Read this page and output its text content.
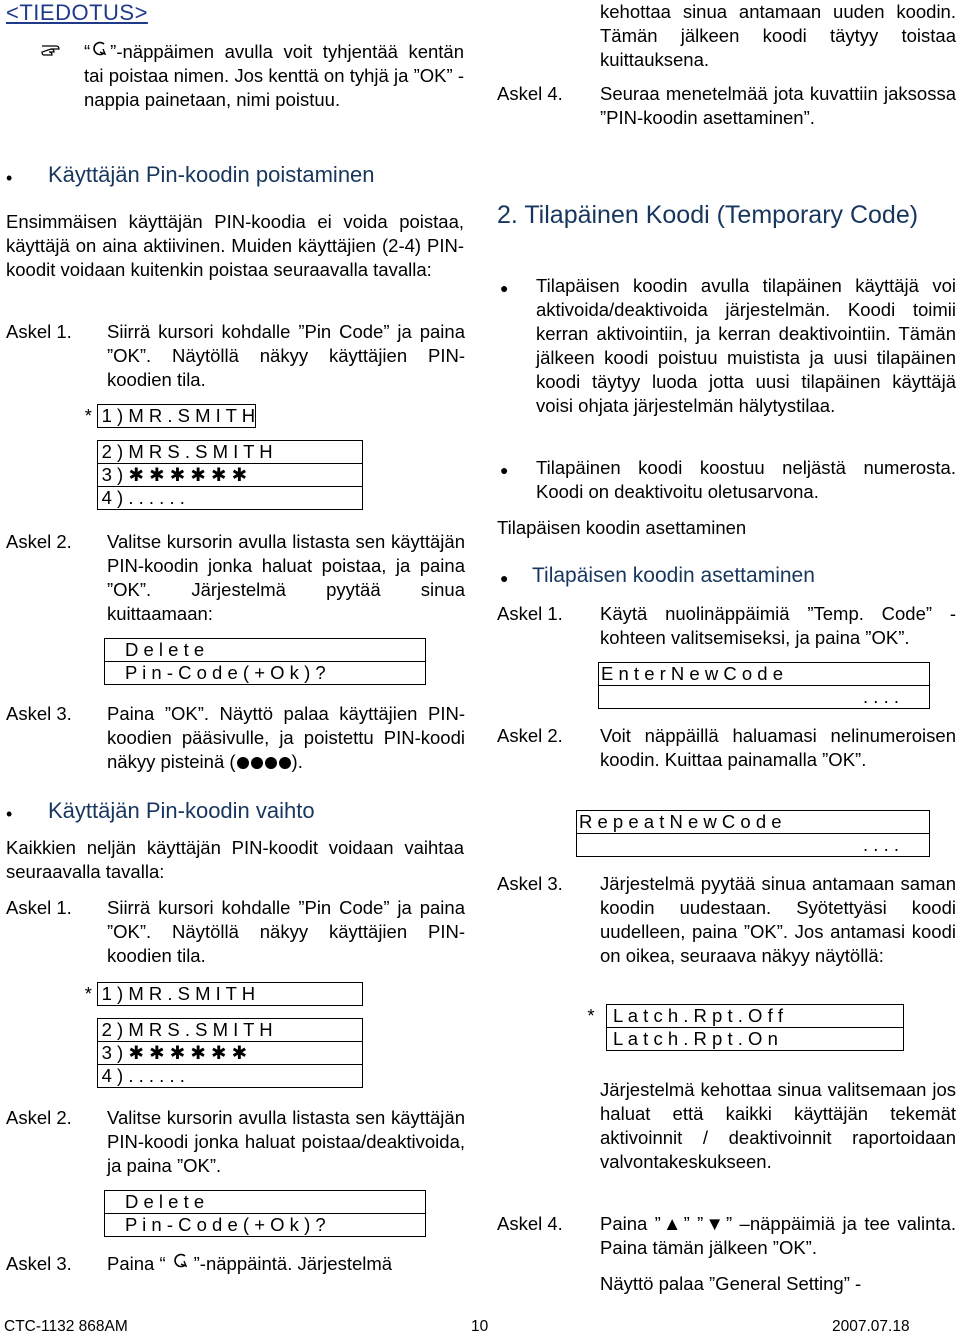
<TIEDOTUS>
“ ”-näppäimen avulla voit tyhjentää kentän tai poistaa nimen. Jos kenttä on tyhjä ja ”OK” -nappia painetaan, nimi poistuu.
• Käyttäjän Pin-koodin poistaminen
Ensimmäisen käyttäjän PIN-koodia ei voida poistaa, käyttäjä on aina aktiivinen. Muiden käyttäjien (2-4) PIN-koodit voidaan kuitenkin poistaa seuraavalla tavalla:
Askel 1. Siirrä kursori kohdalle ”Pin Code” ja paina ”OK”. Näytöllä näkyy käyttäjien PIN-koodien tila.
*	1 ) M R . S M I T H
	2 ) M R S . S M I T H
	3 ) ✱ ✱ ✱ ✱ ✱ ✱
	4 ) . . . . . .
Askel 2. Valitse kursorin avulla listasta sen käyttäjän PIN-koodin jonka haluat poistaa, ja paina ”OK”. Järjestelmä pyytää sinua kuittaamaan:
D e l e t e
P i n - C o d e ( + O k ) ?
Askel 3. Paina ”OK”. Näyttö palaa käyttäjien PIN-koodien pääsivulle, ja poistettu PIN-koodi näkyy pisteinä (	).
• Käyttäjän Pin-koodin vaihto
Kaikkien neljän käyttäjän PIN-koodit voidaan vaihtaa seuraavalla tavalla:
Askel 1. Siirrä kursori kohdalle ”Pin Code” ja paina ”OK”. Näytöllä näkyy käyttäjien PIN-koodien tila.
*	1 ) M R . S M I T H
	2 ) M R S . S M I T H
	3 ) ✱ ✱ ✱ ✱ ✱ ✱
	4 ) . . . . . .
Askel 2. Valitse kursorin avulla listasta sen käyttäjän PIN-koodi jonka haluat poistaa/deaktivoida, ja paina ”OK”.
D e l e t e
P i n - C o d e ( + O k ) ?
Askel 3. Paina “ ”-näppäintä. Järjestelmä
kehottaa sinua antamaan uuden koodin. Tämän jälkeen koodi täytyy toistaa kuittauksena.
Askel 4. Seuraa menetelmää jota kuvattiin jaksossa ”PIN-koodin asettaminen”.
2. Tilapäinen Koodi (Temporary Code)
● Tilapäisen koodin avulla tilapäinen käyttäjä voi aktivoida/deaktivoida järjestelmän. Koodi toimii kerran aktivointiin, ja kerran deaktivointiin. Tämän jälkeen koodi poistuu muistista ja uusi tilapäinen koodi täytyy luoda jotta uusi tilapäinen käyttäjä voisi ohjata järjestelmän hälytystilaa.
● Tilapäinen koodi koostuu neljästä numerosta. Koodi on deaktivoitu oletusarvona.
Tilapäisen koodin asettaminen
● Tilapäisen koodin asettaminen
Askel 1. Käytä nuolinäppäimiä ”Temp. Code” -kohteen valitsemiseksi, ja paina ”OK”.
E n t e r N e w C o d e
. . . .
Askel 2. Voit näppäillä haluamasi nelinumeroisen koodin. Kuittaa painamalla ”OK”.
R e p e a t N e w C o d e
. . . .
Askel 3. Järjestelmä pyytää sinua antamaan saman koodin uudestaan. Syötettyäsi koodi uudelleen, paina ”OK”. Jos antamasi koodi on oikea, seuraava näkyy näytöllä:
*	L a t c h . R p t . O f f
	L a t c h . R p t . O n
Järjestelmä kehottaa sinua valitsemaan jos haluat että kaikki käyttäjän tekemät aktivoinnit / deaktivoinnit raportoidaan valvontakeskukseen.
Askel 4. Paina ”▲” ”▼” –näppäimiä ja tee valinta. Paina tämän jälkeen ”OK”.
Näyttö palaa ”General Setting” -
CTC-1132 868AM	10	2007.07.18
